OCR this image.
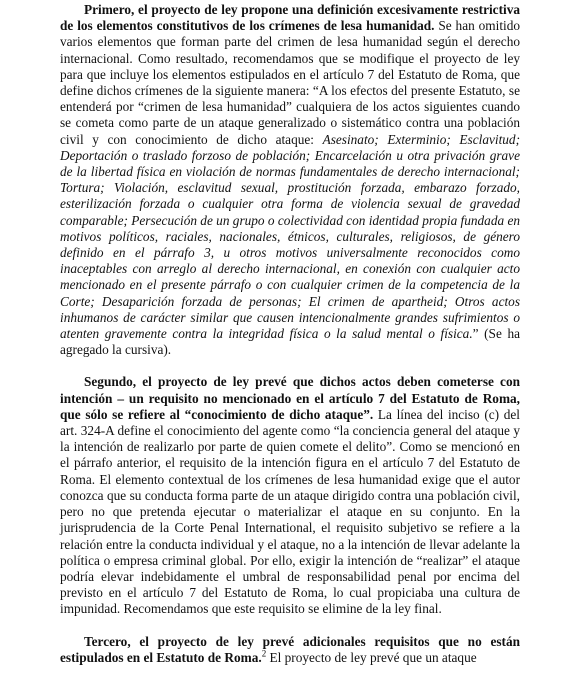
Primero, el proyecto de ley propone una definición excesivamente restrictiva de los elementos constitutivos de los crímenes de lesa humanidad. Se han omitido varios elementos que forman parte del crimen de lesa humanidad según el derecho internacional. Como resultado, recomendamos que se modifique el proyecto de ley para que incluye los elementos estipulados en el artículo 7 del Estatuto de Roma, que define dichos crímenes de la siguiente manera: “A los efectos del presente Estatuto, se entenderá por “crimen de lesa humanidad” cualquiera de los actos siguientes cuando se cometa como parte de un ataque generalizado o sistemático contra una población civil y con conocimiento de dicho ataque: Asesinato; Exterminio; Esclavitud; Deportación o traslado forzoso de población; Encarcelación u otra privación grave de la libertad física en violación de normas fundamentales de derecho internacional; Tortura; Violación, esclavitud sexual, prostitución forzada, embarazo forzado, esterilización forzada o cualquier otra forma de violencia sexual de gravedad comparable; Persecución de un grupo o colectividad con identidad propia fundada en motivos políticos, raciales, nacionales, étnicos, culturales, religiosos, de género definido en el párrafo 3, u otros motivos universalmente reconocidos como inaceptables con arreglo al derecho internacional, en conexión con cualquier acto mencionado en el presente párrafo o con cualquier crimen de la competencia de la Corte; Desaparición forzada de personas; El crimen de apartheid; Otros actos inhumanos de carácter similar que causen intencionalmente grandes sufrimientos o atenten gravemente contra la integridad física o la salud mental o física.” (Se ha agregado la cursiva).

Segundo, el proyecto de ley prevé que dichos actos deben cometerse con intención – un requisito no mencionado en el artículo 7 del Estatuto de Roma, que sólo se refiere al “conocimiento de dicho ataque”. La línea del inciso (c) del art. 324-A define el conocimiento del agente como “la conciencia general del ataque y la intención de realizarlo por parte de quien comete el delito”. Como se mencionó en el párrafo anterior, el requisito de la intención figura en el artículo 7 del Estatuto de Roma. El elemento contextual de los crímenes de lesa humanidad exige que el autor conozca que su conducta forma parte de un ataque dirigido contra una población civil, pero no que pretenda ejecutar o materializar el ataque en su conjunto. En la jurisprudencia de la Corte Penal International, el requisito subjetivo se refiere a la relación entre la conducta individual y el ataque, no a la intención de llevar adelante la política o empresa criminal global. Por ello, exigir la intención de “realizar” el ataque podría elevar indebidamente el umbral de responsabilidad penal por encima del previsto en el artículo 7 del Estatuto de Roma, lo cual propiciaba una cultura de impunidad. Recomendamos que este requisito se elimine de la ley final.

Tercero, el proyecto de ley prevé adicionales requisitos que no están estipulados en el Estatuto de Roma.$^2$ El proyecto de ley prevé que un ataque
